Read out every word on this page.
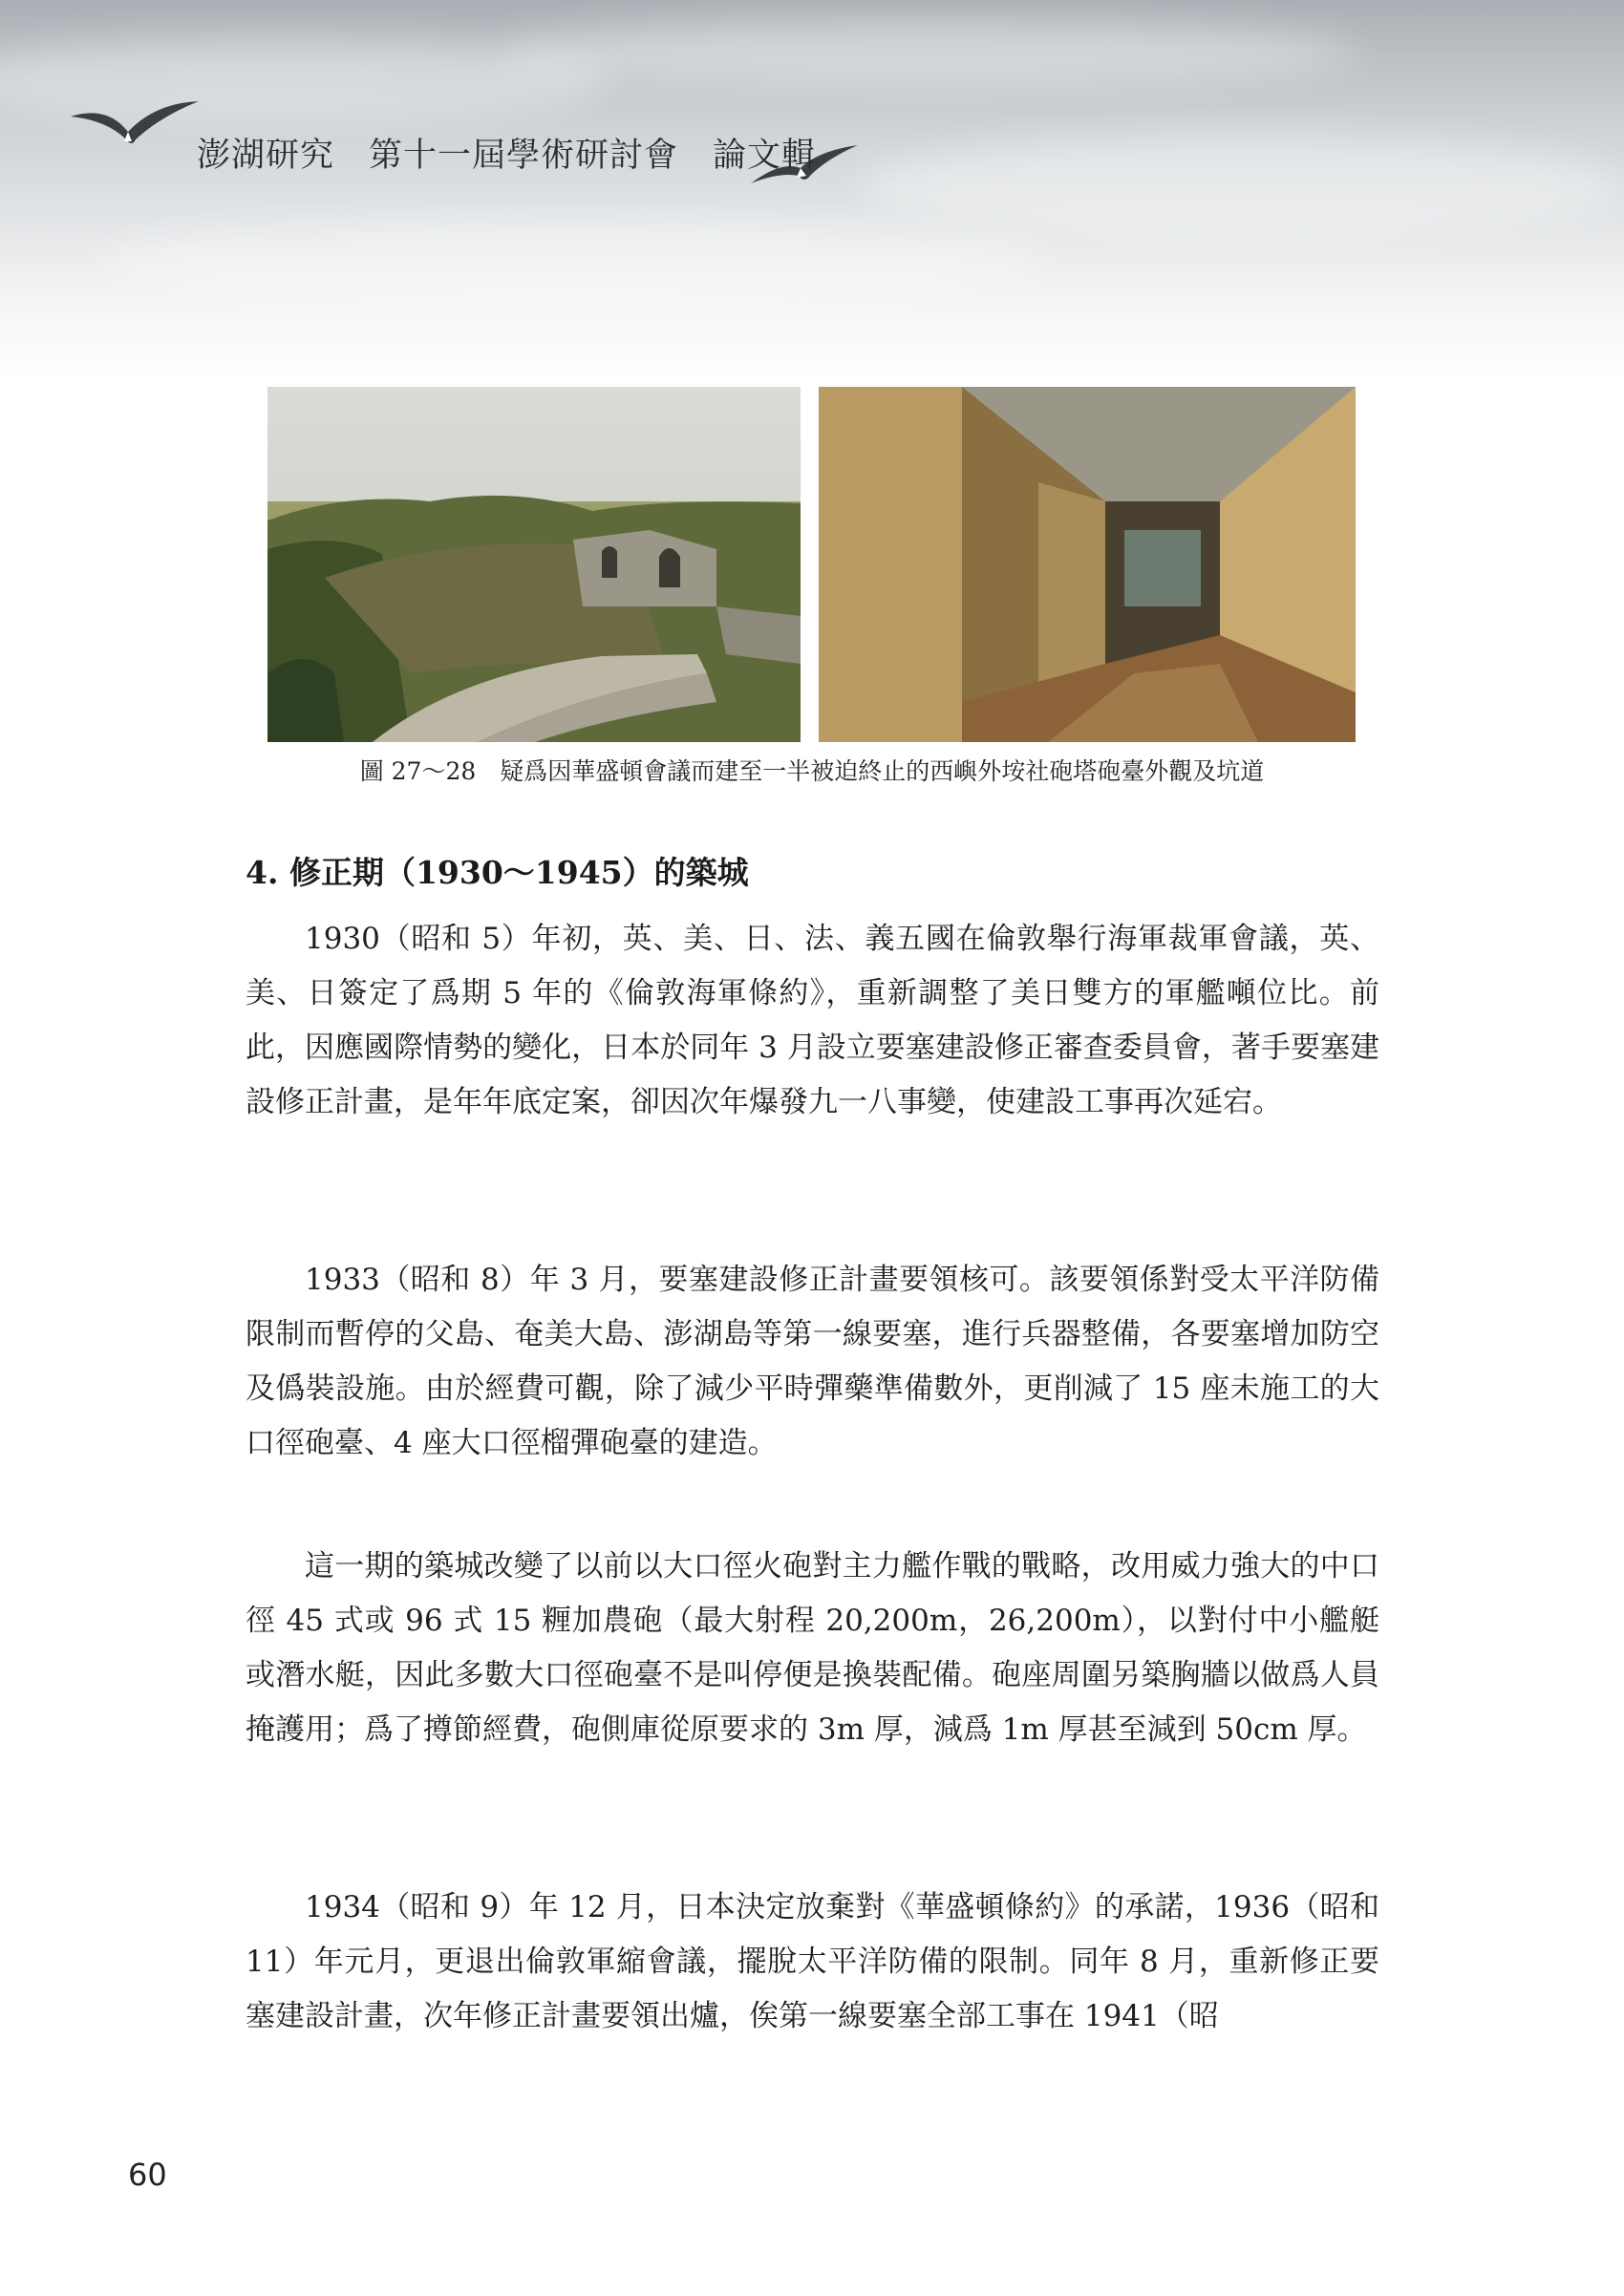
澎湖研究　第十一屆學術研討會　論文輯
圖 27～28　疑爲因華盛頓會議而建至一半被迫終止的西嶼外垵社砲塔砲臺外觀及坑道
4. 修正期（1930～1945）的築城

1930（昭和 5）年初，英、美、日、法、義五國在倫敦舉行海軍裁軍會議，英、美、日簽定了爲期 5 年的《倫敦海軍條約》，重新調整了美日雙方的軍艦噸位比。前此，因應國際情勢的變化，日本於同年 3 月設立要塞建設修正審查委員會，著手要塞建設修正計畫，是年年底定案，卻因次年爆發九一八事變，使建設工事再次延宕。

1933（昭和 8）年 3 月，要塞建設修正計畫要領核可。該要領係對受太平洋防備限制而暫停的父島、奄美大島、澎湖島等第一線要塞，進行兵器整備，各要塞增加防空及僞裝設施。由於經費可觀，除了減少平時彈藥準備數外，更削減了 15 座未施工的大口徑砲臺、4 座大口徑榴彈砲臺的建造。

這一期的築城改變了以前以大口徑火砲對主力艦作戰的戰略，改用威力強大的中口徑 45 式或 96 式 15 糎加農砲（最大射程 20,200m，26,200m），以對付中小艦艇或潛水艇，因此多數大口徑砲臺不是叫停便是換裝配備。砲座周圍另築胸牆以做爲人員掩護用；爲了撙節經費，砲側庫從原要求的 3m 厚，減爲 1m 厚甚至減到 50cm 厚。

1934（昭和 9）年 12 月，日本決定放棄對《華盛頓條約》的承諾，1936（昭和 11）年元月，更退出倫敦軍縮會議，擺脫太平洋防備的限制。同年 8 月，重新修正要塞建設計畫，次年修正計畫要領出爐，俟第一線要塞全部工事在 1941（昭

60
